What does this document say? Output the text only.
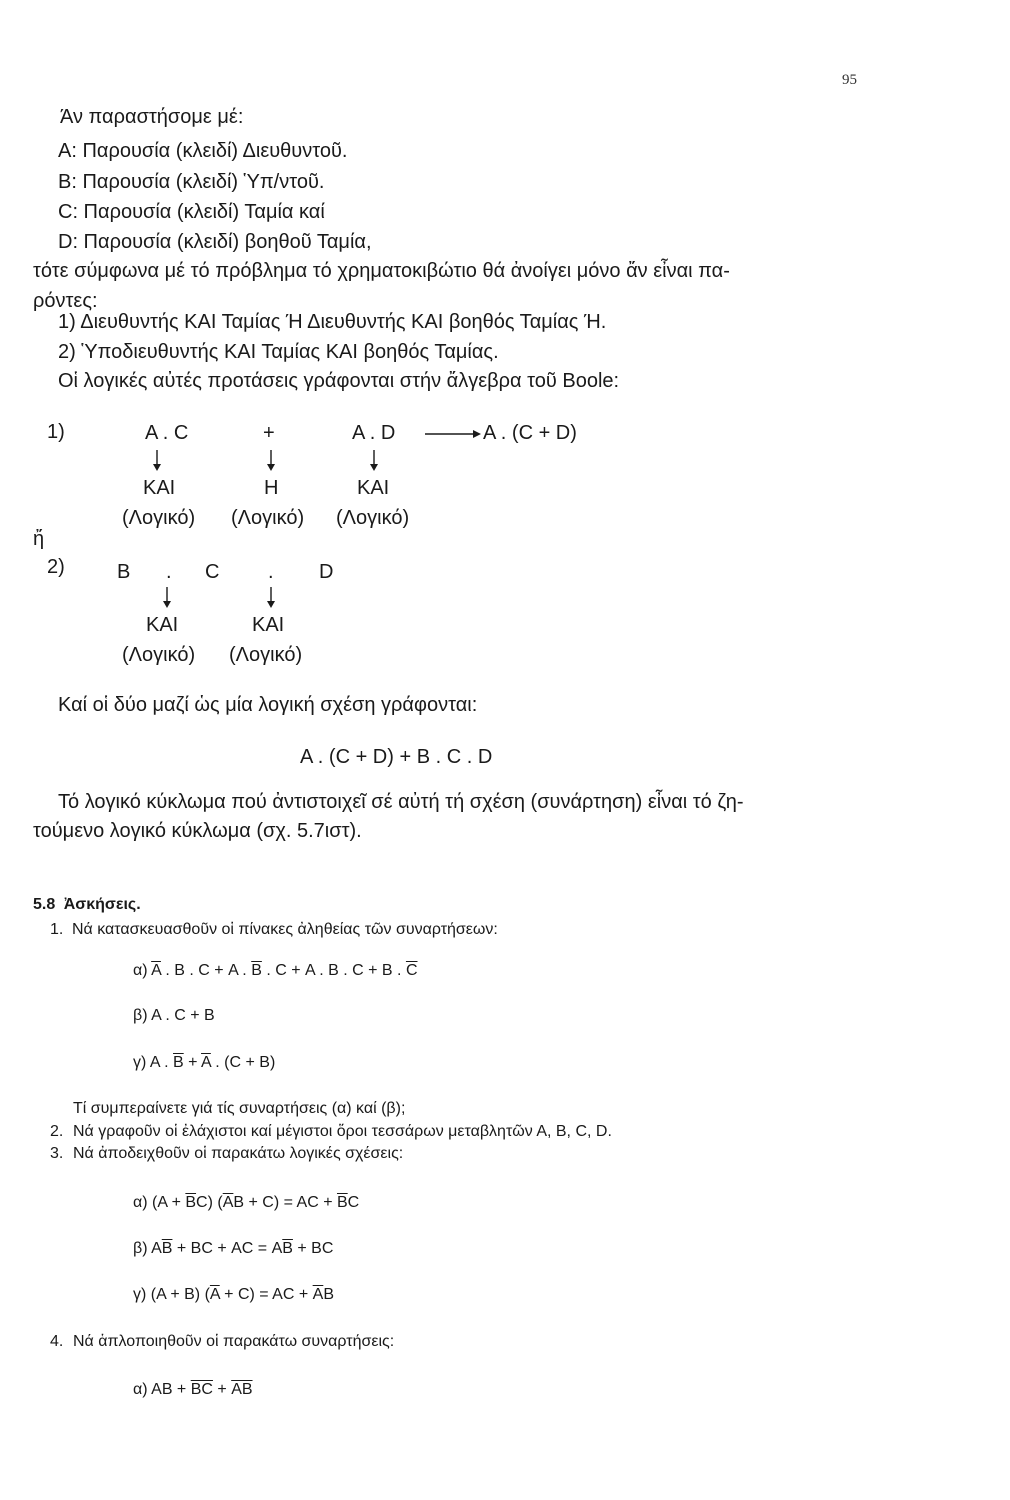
95
Άν παραστήσομε μέ:
Α: Παρουσία (κλειδί) Διευθυντοῦ.
Β: Παρουσία (κλειδί) Ὑπ/ντοῦ.
C: Παρουσία (κλειδί) Ταμία καί
D: Παρουσία (κλειδί) βοηθοῦ Ταμία,
τότε σύμφωνα μέ τό πρόβλημα τό χρηματοκιβώτιο θά ἀνοίγει μόνο ἄν εἶναι πα-
ρόντες:
1) Διευθυντής ΚΑΙ Ταμίας Ή Διευθυντής ΚΑΙ βοηθός Ταμίας Ή.
2) Ὑποδιευθυντής ΚΑΙ Ταμίας ΚΑΙ βοηθός Ταμίας.
Οἱ λογικές αὐτές προτάσεις γράφονται στήν ἄλγεβρα τοῦ Boole:
1)	Α . C	+	Α . D	Α . (C + D)
ΚΑΙ	Η	ΚΑΙ
(Λογικό) (Λογικό) (Λογικό)
ἤ
2)	Β . C . D
ΚΑΙ	ΚΑΙ
(Λογικό) (Λογικό)
Καί οἱ δύο μαζί ὡς μία λογική σχέση γράφονται:
Α . (C + D) + Β . C . D
Τό λογικό κύκλωμα πού ἀντιστοιχεῖ σέ αὐτή τή σχέση (συνάρτηση) εἶναι τό ζη-
τούμενο λογικό κύκλωμα (σχ. 5.7ιστ).
5.8 Ἀσκήσεις.
1. Νά κατασκευασθοῦν οἱ πίνακες ἀληθείας τῶν συναρτήσεων:
α) $\overline{A}$ . Β . C + Α . $\overline{B}$ . C + Α . Β . C + Β . $\overline{C}$
β) Α . C + Β
γ) Α . $\overline{B} + \overline{A}$ . (C + Β)
Τί συμπεραίνετε γιά τίς συναρτήσεις (α) καί (β);
2. Νά γραφοῦν οἱ ἐλάχιστοι καί μέγιστοι ὅροι τεσσάρων μεταβλητῶν Α, Β, C, D.
3. Νά ἀποδειχθοῦν οἱ παρακάτω λογικές σχέσεις:
α) $(A + \overline{B}C)$ $(\overline{A}B + C) = AC + \overline{B}C$
β) $A\overline{B} + BC + AC = A\overline{B} + BC$
γ) (Α + Β) $(\overline{A} + C) = AC + \overline{A}B$
4. Νά ἁπλοποιηθοῦν οἱ παρακάτω συναρτήσεις:
α) $AB + \overline{BC} + \overline{AB}$
